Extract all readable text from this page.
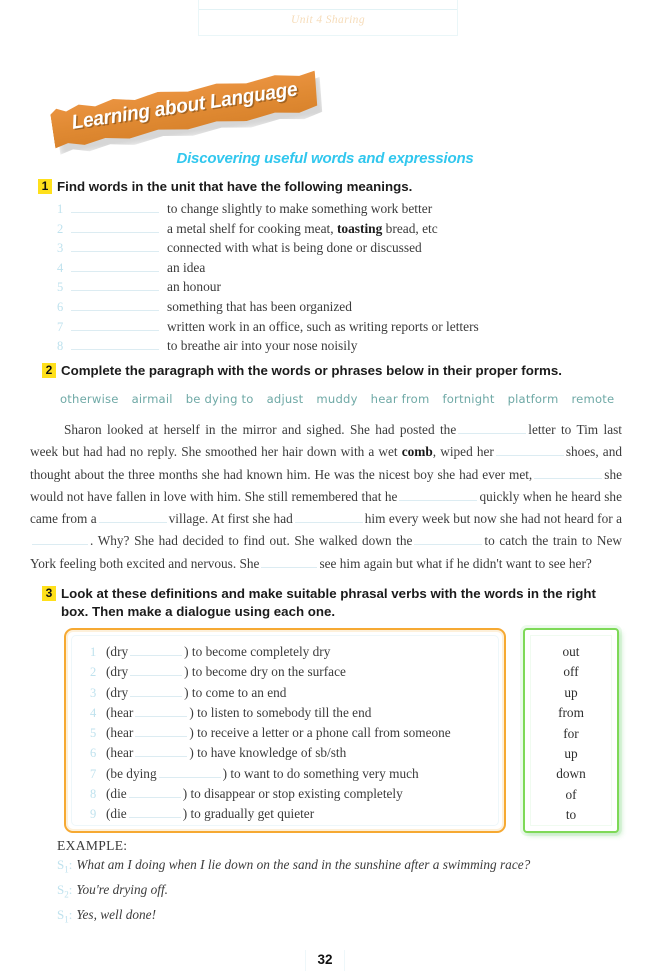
Unit 4 Sharing
Learning about Language
Discovering useful words and expressions
1 Find words in the unit that have the following meanings.
1	to change slightly to make something work better
2	a metal shelf for cooking meat, toasting bread, etc
3	connected with what is being done or discussed
4	an idea
5	an honour
6	something that has been organized
7	written work in an office, such as writing reports or letters
8	to breathe air into your nose noisily
2 Complete the paragraph with the words or phrases below in their proper forms.
otherwise airmail be dying to adjust muddy hear from fortnight platform remote
Sharon looked at herself in the mirror and sighed. She had posted the	letter to Tim last week but had had no reply. She smoothed her hair down with a wet comb, wiped her	shoes, and thought about the three months she had known him. He was the nicest boy she had ever met,	she would not have fallen in love with him. She still remembered that he	quickly when he heard she came from a	village. At first she had	him every week but now she had not heard for a. Why? She had decided to find out. She walked down the	to catch the train to New York feeling both excited and nervous. She	see him again but what if he didn't want to see her?
3 Look at these definitions and make suitable phrasal verbs with the words in the right box. Then make a dialogue using each one.
1 (dry	) to become completely dry
2 (dry	) to become dry on the surface
3 (dry	) to come to an end
4 (hear	) to listen to somebody till the end
5 (hear	) to receive a letter or a phone call from someone
6 (hear	) to have knowledge of sb/sth
7 (be dying	) to want to do something very much
8 (die	) to disappear or stop existing completely
9 (die	) to gradually get quieter
out
off
up
from
for
up
down
of
to
EXAMPLE:
$S_1$: What am I doing when I lie down on the sand in the sunshine after a swimming race?
$S_2$: You're drying off.
$S_1$: Yes, well done!
32
